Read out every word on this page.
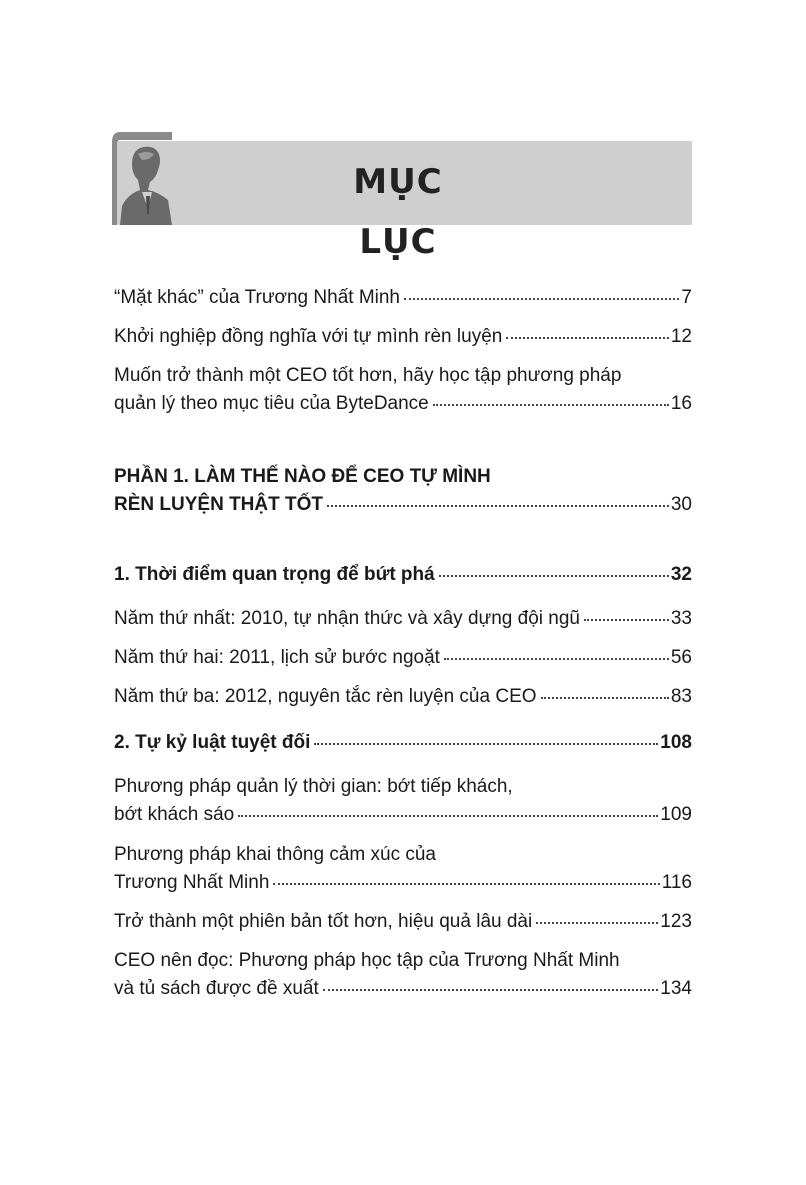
MỤC LỤC
“Mặt khác” của Trương Nhất Minh	7
Khởi nghiệp đồng nghĩa với tự mình rèn luyện	12
Muốn trở thành một CEO tốt hơn, hãy học tập phương pháp
quản lý theo mục tiêu của ByteDance	16
PHẦN 1. LÀM THẾ NÀO ĐỂ CEO TỰ MÌNH
RÈN LUYỆN THẬT TỐT	30
1. Thời điểm quan trọng để bứt phá	32
Năm thứ nhất: 2010, tự nhận thức và xây dựng đội ngũ	33
Năm thứ hai: 2011, lịch sử bước ngoặt	56
Năm thứ ba: 2012, nguyên tắc rèn luyện của CEO	83
2. Tự kỷ luật tuyệt đối	108
Phương pháp quản lý thời gian: bớt tiếp khách,
bớt khách sáo	109
Phương pháp khai thông cảm xúc của
Trương Nhất Minh	116
Trở thành một phiên bản tốt hơn, hiệu quả lâu dài	123
CEO nên đọc: Phương pháp học tập của Trương Nhất Minh
và tủ sách được đề xuất	134
